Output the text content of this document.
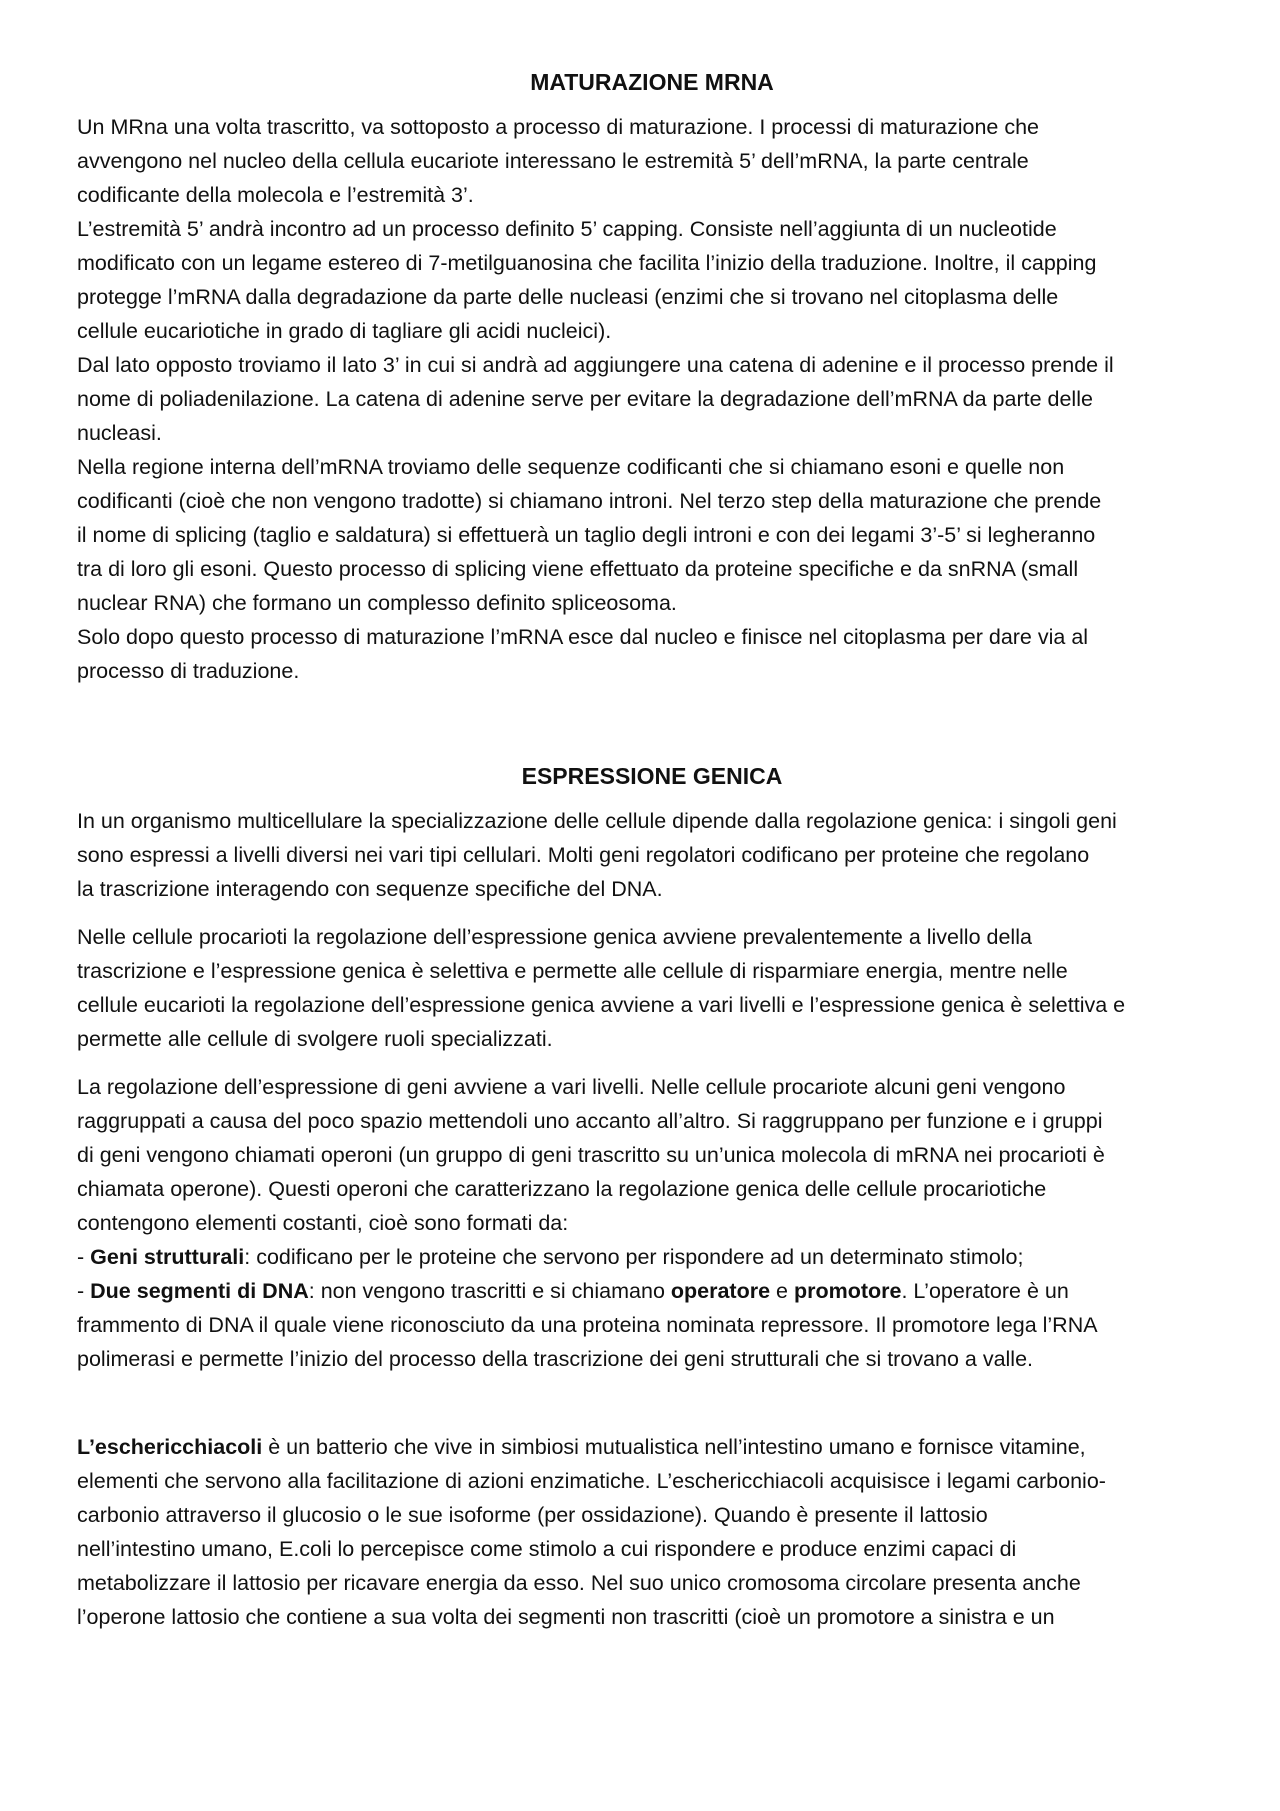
MATURAZIONE MRNA

Un MRna una volta trascritto, va sottoposto a processo di maturazione. I processi di maturazione che
avvengono nel nucleo della cellula eucariote interessano le estremità 5’ dell’mRNA, la parte centrale
codificante della molecola e l’estremità 3’.
L’estremità 5’ andrà incontro ad un processo definito 5’ capping. Consiste nell’aggiunta di un nucleotide
modificato con un legame estereo di 7-metilguanosina che facilita l’inizio della traduzione. Inoltre, il capping
protegge l’mRNA dalla degradazione da parte delle nucleasi (enzimi che si trovano nel citoplasma delle
cellule eucariotiche in grado di tagliare gli acidi nucleici).
Dal lato opposto troviamo il lato 3’ in cui si andrà ad aggiungere una catena di adenine e il processo prende il
nome di poliadenilazione. La catena di adenine serve per evitare la degradazione dell’mRNA da parte delle
nucleasi.
Nella regione interna dell’mRNA troviamo delle sequenze codificanti che si chiamano esoni e quelle non
codificanti (cioè che non vengono tradotte) si chiamano introni. Nel terzo step della maturazione che prende
il nome di splicing (taglio e saldatura) si effettuerà un taglio degli introni e con dei legami 3’-5’ si legheranno
tra di loro gli esoni. Questo processo di splicing viene effettuato da proteine specifiche e da snRNA (small
nuclear RNA) che formano un complesso definito spliceosoma.
Solo dopo questo processo di maturazione l’mRNA esce dal nucleo e finisce nel citoplasma per dare via al
processo di traduzione.

ESPRESSIONE GENICA

In un organismo multicellulare la specializzazione delle cellule dipende dalla regolazione genica: i singoli geni
sono espressi a livelli diversi nei vari tipi cellulari. Molti geni regolatori codificano per proteine che regolano
la trascrizione interagendo con sequenze specifiche del DNA.

Nelle cellule procarioti la regolazione dell’espressione genica avviene prevalentemente a livello della
trascrizione e l’espressione genica è selettiva e permette alle cellule di risparmiare energia, mentre nelle
cellule eucarioti la regolazione dell’espressione genica avviene a vari livelli e l’espressione genica è selettiva e
permette alle cellule di svolgere ruoli specializzati.

La regolazione dell’espressione di geni avviene a vari livelli. Nelle cellule procariote alcuni geni vengono
raggruppati a causa del poco spazio mettendoli uno accanto all’altro. Si raggruppano per funzione e i gruppi
di geni vengono chiamati operoni (un gruppo di geni trascritto su un’unica molecola di mRNA nei procarioti è
chiamata operone). Questi operoni che caratterizzano la regolazione genica delle cellule procariotiche
contengono elementi costanti, cioè sono formati da:
- Geni strutturali: codificano per le proteine che servono per rispondere ad un determinato stimolo;
- Due segmenti di DNA: non vengono trascritti e si chiamano operatore e promotore. L’operatore è un
frammento di DNA il quale viene riconosciuto da una proteina nominata repressore. Il promotore lega l’RNA
polimerasi e permette l’inizio del processo della trascrizione dei geni strutturali che si trovano a valle.

L’eschericchiacoli è un batterio che vive in simbiosi mutualistica nell’intestino umano e fornisce vitamine,
elementi che servono alla facilitazione di azioni enzimatiche. L’eschericchiacoli acquisisce i legami carbonio-
carbonio attraverso il glucosio o le sue isoforme (per ossidazione). Quando è presente il lattosio
nell’intestino umano, E.coli lo percepisce come stimolo a cui rispondere e produce enzimi capaci di
metabolizzare il lattosio per ricavare energia da esso. Nel suo unico cromosoma circolare presenta anche
l’operone lattosio che contiene a sua volta dei segmenti non trascritti (cioè un promotore a sinistra e un
